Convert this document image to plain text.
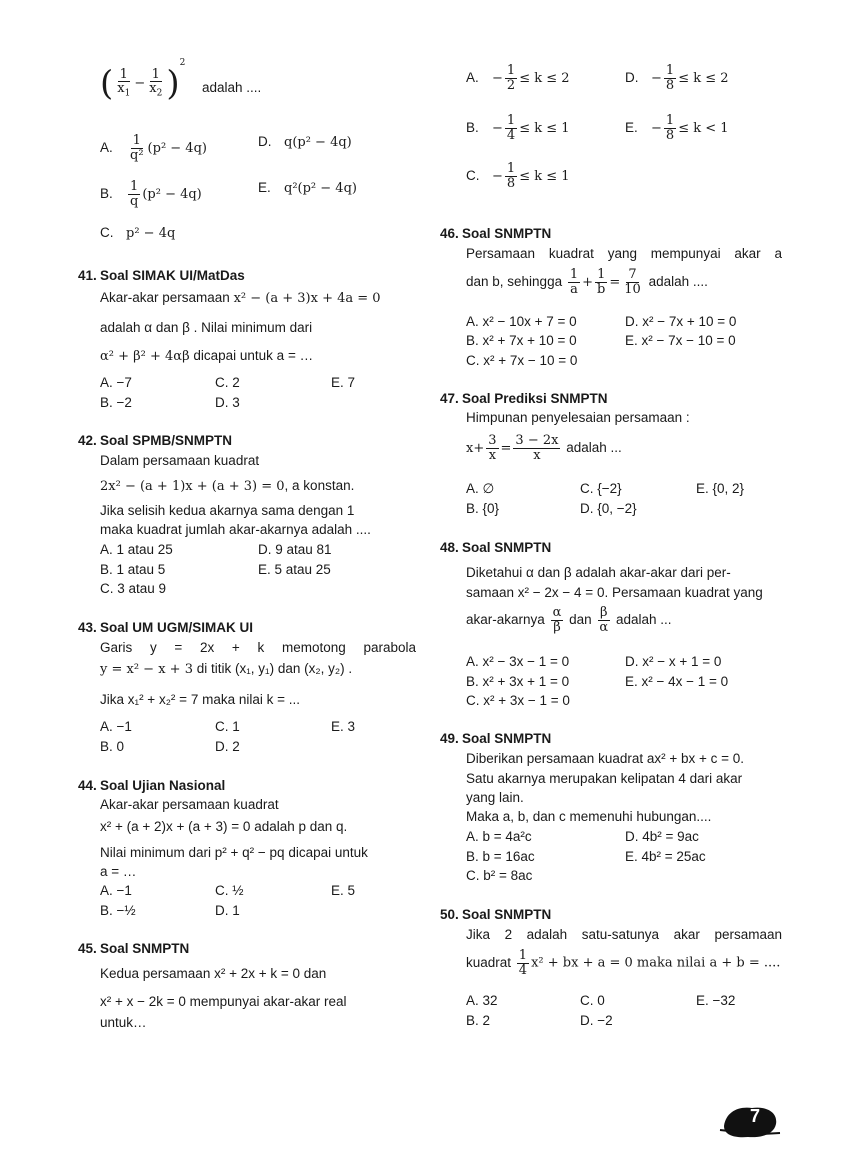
( $\frac{1}{x_1} - \frac{1}{x_2} )^2$
adalah ....
A. $\frac{1}{\text{q²}} (p^2 - 4q)$	D. q(p² − 4q)
B. $\frac{1}{q} (p^2 - 4q)$	E. q²(p² − 4q)
C. p² − 4q
41. Soal SIMAK UI/MatDas
Akar-akar persamaan x² − (a + 3)x + 4a = 0
adalah α dan β . Nilai minimum dari
α² + β² + 4αβ dicapai untuk a = …
A. −7
B. −2
C. 2
D. 3
E. 7
42. Soal SPMB/SNMPTN
Dalam persamaan kuadrat
2x² − (a + 1)x + (a + 3) = 0, a konstan.
Jika selisih kedua akarnya sama dengan 1
maka kuadrat jumlah akar-akarnya adalah ....
A. 1 atau 25
B. 1 atau 5
C. 3 atau 9
D. 9 atau 81
E. 5 atau 25
43. Soal UM UGM/SIMAK UI
Garis y = 2x + k memotong parabola
y = x² − x + 3 di titik (x₁, y₁) dan (x₂, y₂) .
Jika x₁² + x₂² = 7 maka nilai k = ...
A. −1
B. 0
C. 1
D. 2
E. 3
44. Soal Ujian Nasional
Akar-akar persamaan kuadrat
x² + (a + 2)x + (a + 3) = 0 adalah p dan q.
Nilai minimum dari p² + q² − pq dicapai untuk
a = …
A. −1
B. −½
C. ½
D. 1
E. 5
45. Soal SNMPTN
Kedua persamaan x² + 2x + k = 0 dan
x² + x − 2k = 0 mempunyai akar-akar real
untuk…
A. − $\frac{1}{2} \le k \le 2$	D. − $\frac{1}{8} \le k \le 2$
B. − $\frac{1}{4} \le k \le 1$	E. − $\frac{1}{8} \le k < 1$
C. − $\frac{1}{8} \le k \le 1$
46. Soal SNMPTN
Persamaan kuadrat yang mempunyai akar a
dan b, sehingga $\frac{1}{a} + \frac{1}{b} = \frac{7}{10}$ adalah ....
A. x² − 10x + 7 = 0
B. x² + 7x + 10 = 0
C. x² + 7x − 10 = 0
D. x² − 7x + 10 = 0
E. x² − 7x − 10 = 0
47. Soal Prediksi SNMPTN
Himpunan penyelesaian persamaan :
$x+ \frac{3}{x} = \frac{3 - 2x}{x}$ adalah ...
A. ∅
B. {0}
C. {−2}
D. {0, −2}
E. {0, 2}
48. Soal SNMPTN
Diketahui α dan β adalah akar-akar dari per-
samaan x² − 2x − 4 = 0. Persamaan kuadrat yang
akar-akarnya $\frac{\alpha}{\beta}$ dan $\frac{\beta}{\alpha}$ adalah ...
A. x² − 3x − 1 = 0
B. x² + 3x + 1 = 0
C. x² + 3x − 1 = 0
D. x² − x + 1 = 0
E. x² − 4x − 1 = 0
49. Soal SNMPTN
Diberikan persamaan kuadrat ax² + bx + c = 0.
Satu akarnya merupakan kelipatan 4 dari akar
yang lain.
Maka a, b, dan c memenuhi hubungan....
A. b = 4a²c
B. b = 16ac
C. b² = 8ac
D. 4b² = 9ac
E. 4b² = 25ac
50. Soal SNMPTN
Jika 2 adalah satu-satunya akar persamaan
kuadrat $\frac{1}{4} x^2$ + bx + a = 0 maka nilai a + b = ....
A. 32
B. 2
C. 0
D. −2
E. −32
7
